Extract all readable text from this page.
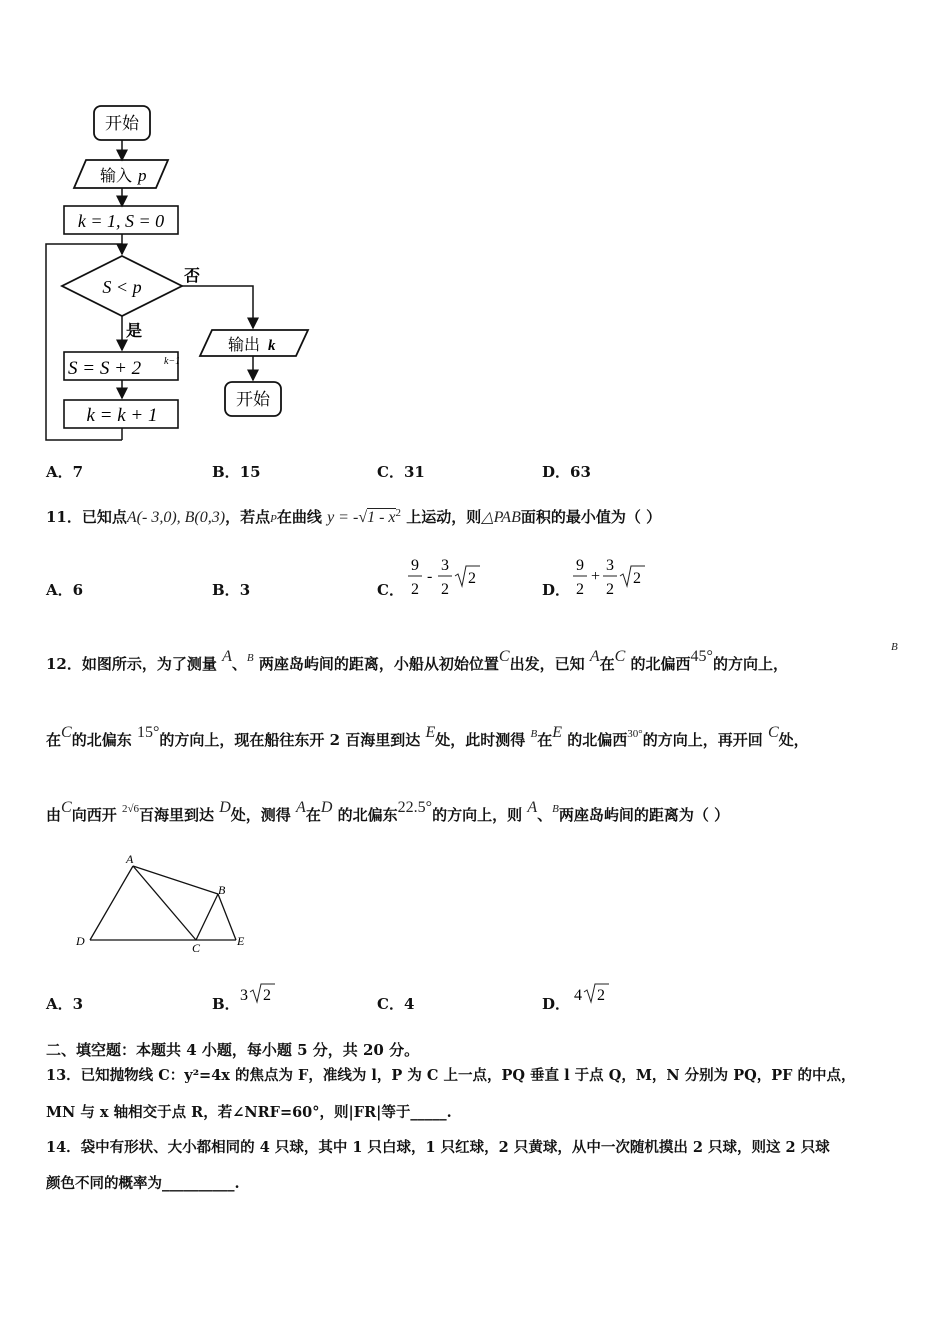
开始
输入 p
k = 1, S = 0
S < p
否
是
S = S + 2 k−1
k = k + 1
输出 k
开始
A．7	B．15	C．31	D．63
11．已知点A(- 3,0), B(0,3)，若点P在曲线 $y = -√1 - x^2$ 上运动，则△PAB面积的最小值为（ ）
A．6	B．3	C．
9
2
-
3
2
2
D．
9
2
+
3
2
2
12．如图所示，为了测量 A、$^B$ 两座岛屿间的距离，小船从初始位置C出发，已知 A在C 的北偏西45°的方向上，
B
在C的北偏东 15°的方向上，现在船往东开 2 百海里到达 E处，此时测得 $^B$在E 的北偏西$^{30^\circ}$的方向上，再开回 C处，
由C向西开 $^{2√6}$百海里到达 D处，测得 A在D 的北偏东22.5°的方向上，则 A、$^B$两座岛屿间的距离为（ ）
A
B
C
D	E
A．3	B． 3 2	C．4	D． 4 2
二、填空题：本题共 4 小题，每小题 5 分，共 20 分。
13．已知抛物线 C：y²=4x 的焦点为 F，准线为 l，P 为 C 上一点，PQ 垂直 l 于点 Q，M，N 分别为 PQ，PF 的中点，
MN 与 x 轴相交于点 R，若∠NRF=60°，则|FR|等于_____.
14．袋中有形状、大小都相同的 4 只球，其中 1 只白球，1 只红球，2 只黄球，从中一次随机摸出 2 只球，则这 2 只球
颜色不同的概率为__________.
